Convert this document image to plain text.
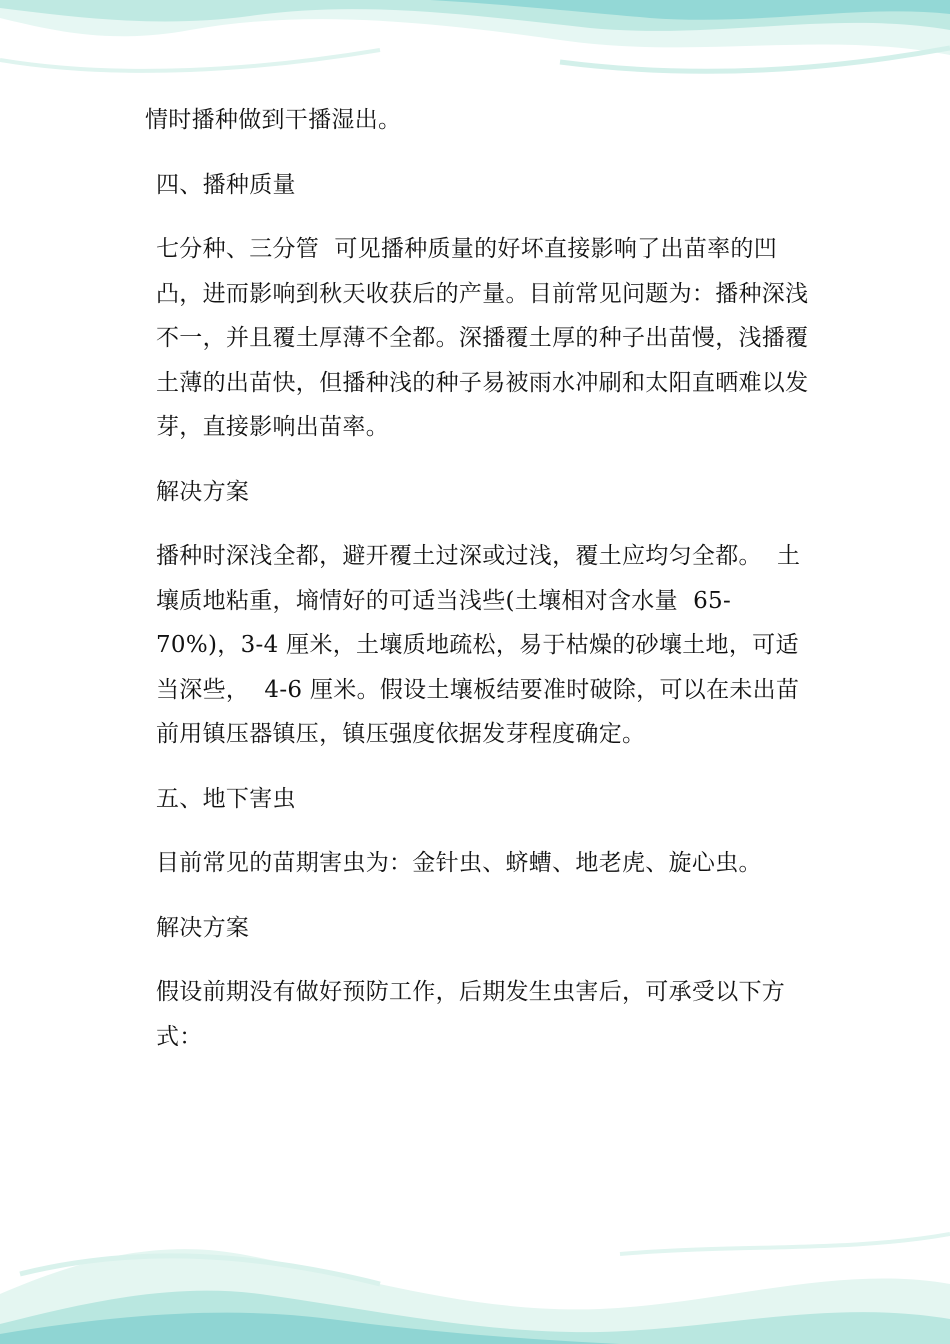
情时播种做到干播湿出。

四、播种质量

七分种、三分管  可见播种质量的好坏直接影响了出苗率的凹凸，进而影响到秋天收获后的产量。目前常见问题为：播种深浅不一，并且覆土厚薄不全都。深播覆土厚的种子出苗慢，浅播覆土薄的出苗快，但播种浅的种子易被雨水冲刷和太阳直晒难以发芽，直接影响出苗率。

解决方案

播种时深浅全都，避开覆土过深或过浅，覆土应均匀全都。  土壤质地粘重，墒情好的可适当浅些(土壤相对含水量  65-70%)，3-4 厘米，土壤质地疏松，易于枯燥的砂壤土地，可适当深些，  4-6 厘米。假设土壤板结要准时破除，可以在未出苗前用镇压器镇压，镇压强度依据发芽程度确定。

五、地下害虫

目前常见的苗期害虫为：金针虫、蛴螬、地老虎、旋心虫。

解决方案

假设前期没有做好预防工作，后期发生虫害后，可承受以下方式：
